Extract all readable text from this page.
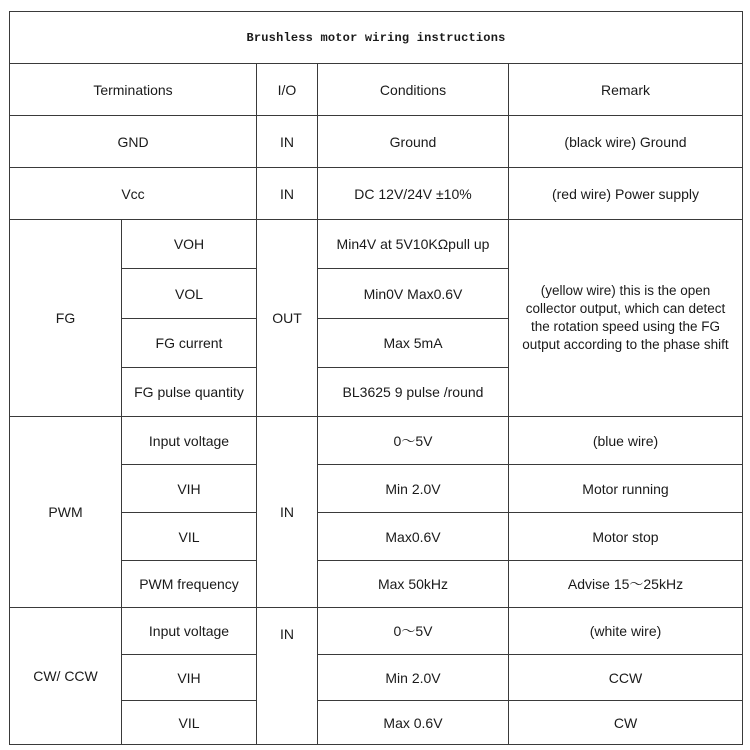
Brushless motor wiring instructions				
Terminations		I/O	Conditions	Remark
GND		IN	Ground	(black wire) Ground
Vcc		IN	DC 12V/24V ±10%	(red wire) Power supply
FG	VOH	OUT	Min4V at 5V10KΩpull up	(yellow wire) this is the open collector output, which can detect the rotation speed using the FG output according to the phase shift
	VOL		Min0V Max0.6V	
	FG current		Max 5mA	
	FG pulse quantity		BL3625 9 pulse /round	
PWM	Input voltage	IN	0～5V	(blue wire)
	VIH		Min 2.0V	Motor running
	VIL		Max0.6V	Motor stop
	PWM frequency		Max 50kHz	Advise 15～25kHz
CW/ CCW	Input voltage	IN	0～5V	(white wire)
	VIH		Min 2.0V	CCW
	VIL		Max 0.6V	CW
